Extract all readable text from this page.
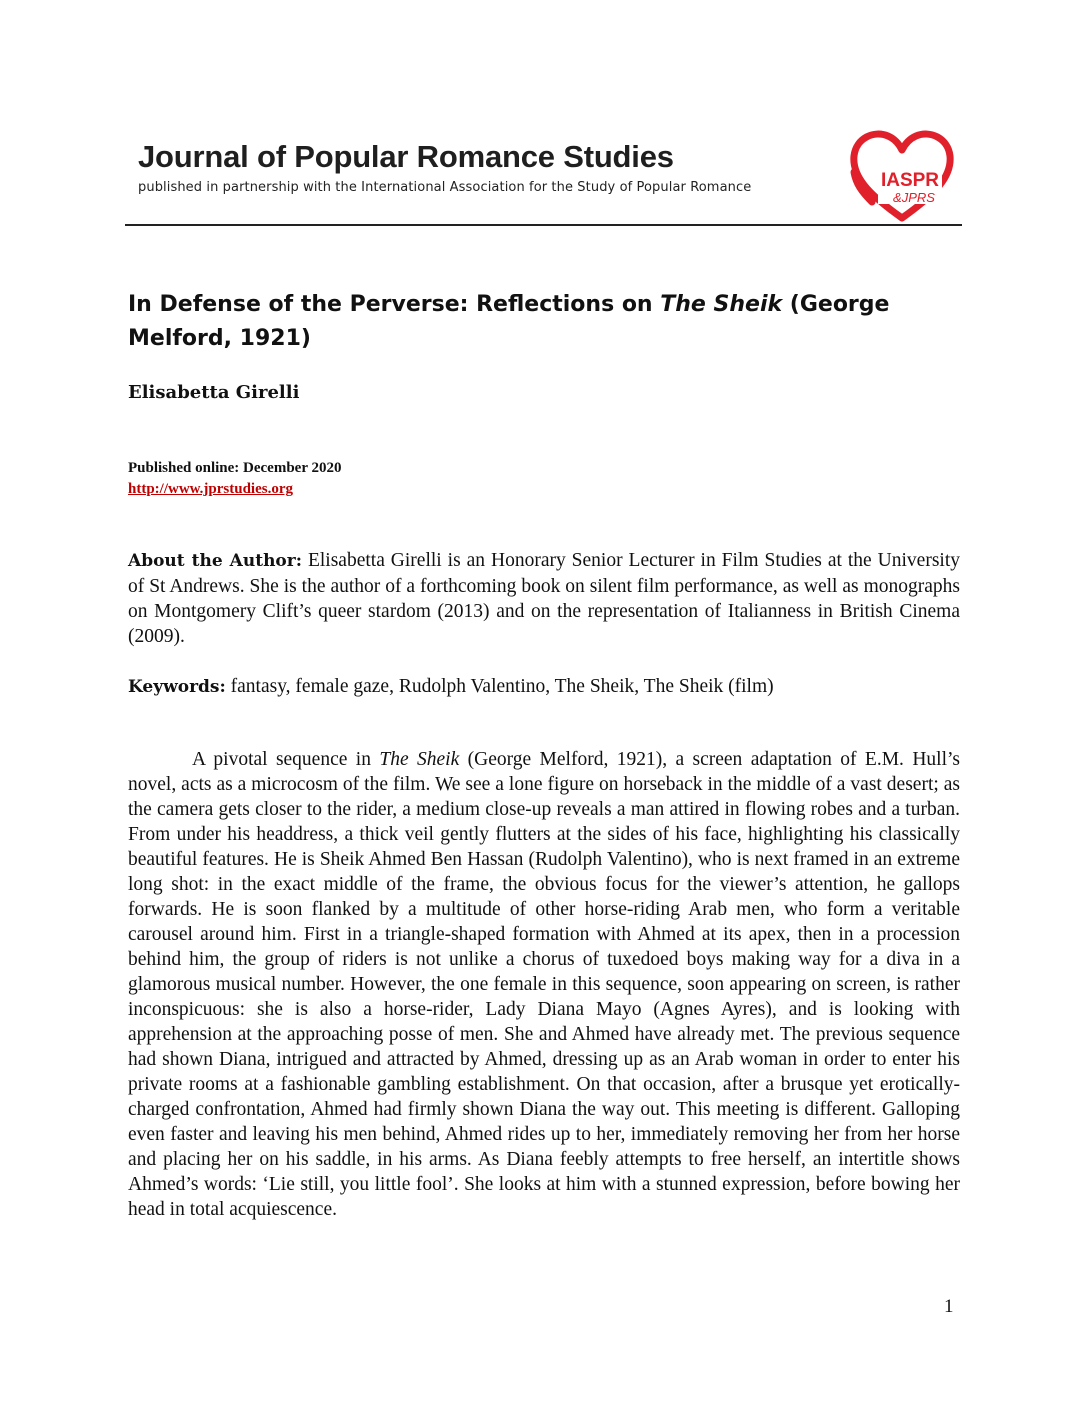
Journal of Popular Romance Studies
published in partnership with the International Association for the Study of Popular Romance	IASPR
&JPRS
In Defense of the Perverse: Reflections on The Sheik (George Melford, 1921)
Elisabetta Girelli
Published online: December 2020
http://www.jprstudies.org
About the Author: Elisabetta Girelli is an Honorary Senior Lecturer in Film Studies at the University of St Andrews. She is the author of a forthcoming book on silent film performance, as well as monographs on Montgomery Clift’s queer stardom (2013) and on the representation of Italianness in British Cinema (2009).
Keywords: fantasy, female gaze, Rudolph Valentino, The Sheik, The Sheik (film)

A pivotal sequence in The Sheik (George Melford, 1921), a screen adaptation of E.M. Hull’s novel, acts as a microcosm of the film. We see a lone figure on horseback in the middle of a vast desert; as the camera gets closer to the rider, a medium close-up reveals a man attired in flowing robes and a turban. From under his headdress, a thick veil gently flutters at the sides of his face, highlighting his classically beautiful features. He is Sheik Ahmed Ben Hassan (Rudolph Valentino), who is next framed in an extreme long shot: in the exact middle of the frame, the obvious focus for the viewer’s attention, he gallops forwards. He is soon flanked by a multitude of other horse-riding Arab men, who form a veritable carousel around him. First in a triangle-shaped formation with Ahmed at its apex, then in a procession behind him, the group of riders is not unlike a chorus of tuxedoed boys making way for a diva in a glamorous musical number. However, the one female in this sequence, soon appearing on screen, is rather inconspicuous: she is also a horse-rider, Lady Diana Mayo (Agnes Ayres), and is looking with apprehension at the approaching posse of men. She and Ahmed have already met. The previous sequence had shown Diana, intrigued and attracted by Ahmed, dressing up as an Arab woman in order to enter his private rooms at a fashionable gambling establishment. On that occasion, after a brusque yet erotically-charged confrontation, Ahmed had firmly shown Diana the way out. This meeting is different. Galloping even faster and leaving his men behind, Ahmed rides up to her, immediately removing her from her horse and placing her on his saddle, in his arms. As Diana feebly attempts to free herself, an intertitle shows Ahmed’s words: ‘Lie still, you little fool’. She looks at him with a stunned expression, before bowing her head in total acquiescence.

1
